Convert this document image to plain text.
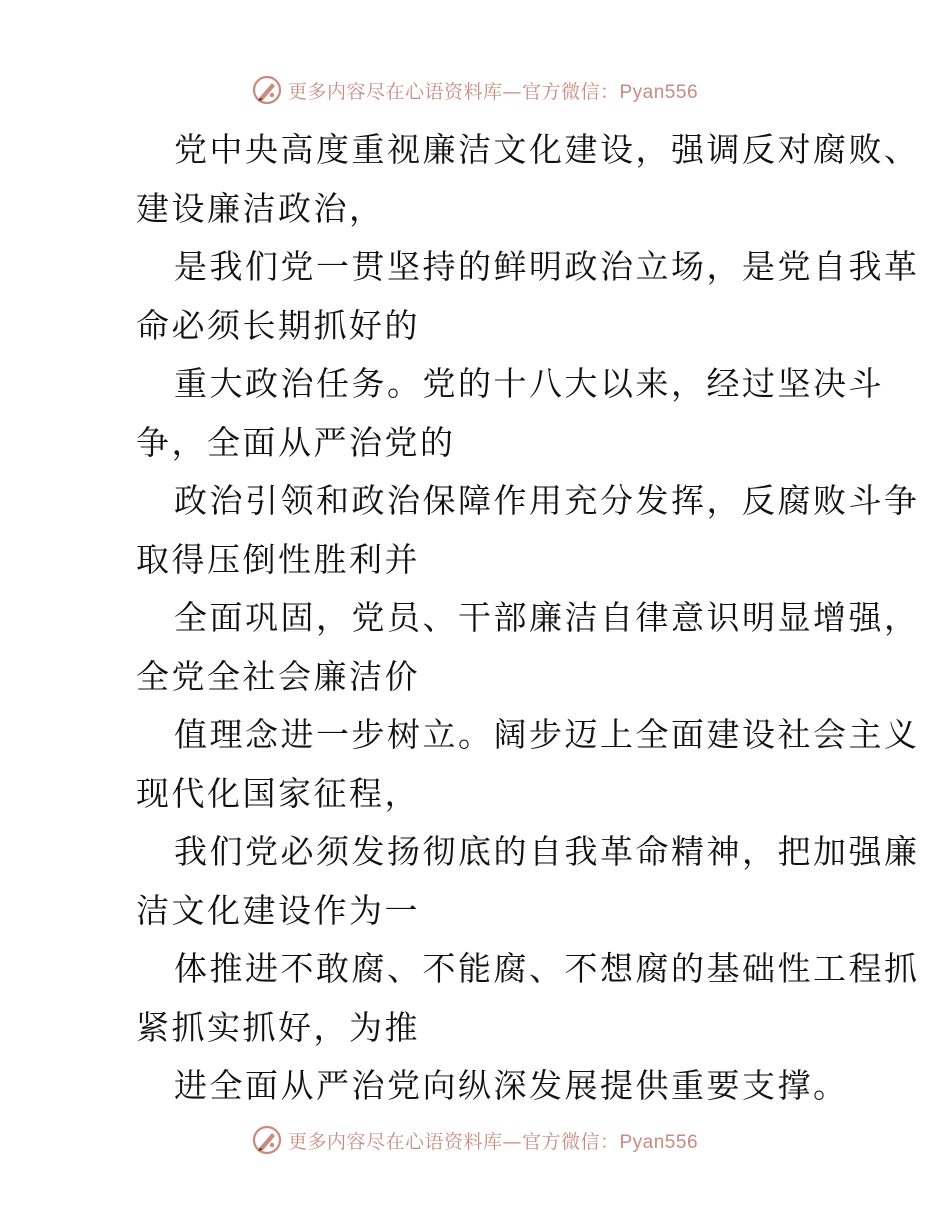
更多内容尽在心语资料库—官方微信：Pyan556
党中央高度重视廉洁文化建设，强调反对腐败、
建设廉洁政治，
是我们党一贯坚持的鲜明政治立场，是党自我革
命必须长期抓好的
重大政治任务。党的十八大以来，经过坚决斗
争，全面从严治党的
政治引领和政治保障作用充分发挥，反腐败斗争
取得压倒性胜利并
全面巩固，党员、干部廉洁自律意识明显增强，
全党全社会廉洁价
值理念进一步树立。阔步迈上全面建设社会主义
现代化国家征程，
我们党必须发扬彻底的自我革命精神，把加强廉
洁文化建设作为一
体推进不敢腐、不能腐、不想腐的基础性工程抓
紧抓实抓好，为推
进全面从严治党向纵深发展提供重要支撑。
更多内容尽在心语资料库—官方微信：Pyan556
